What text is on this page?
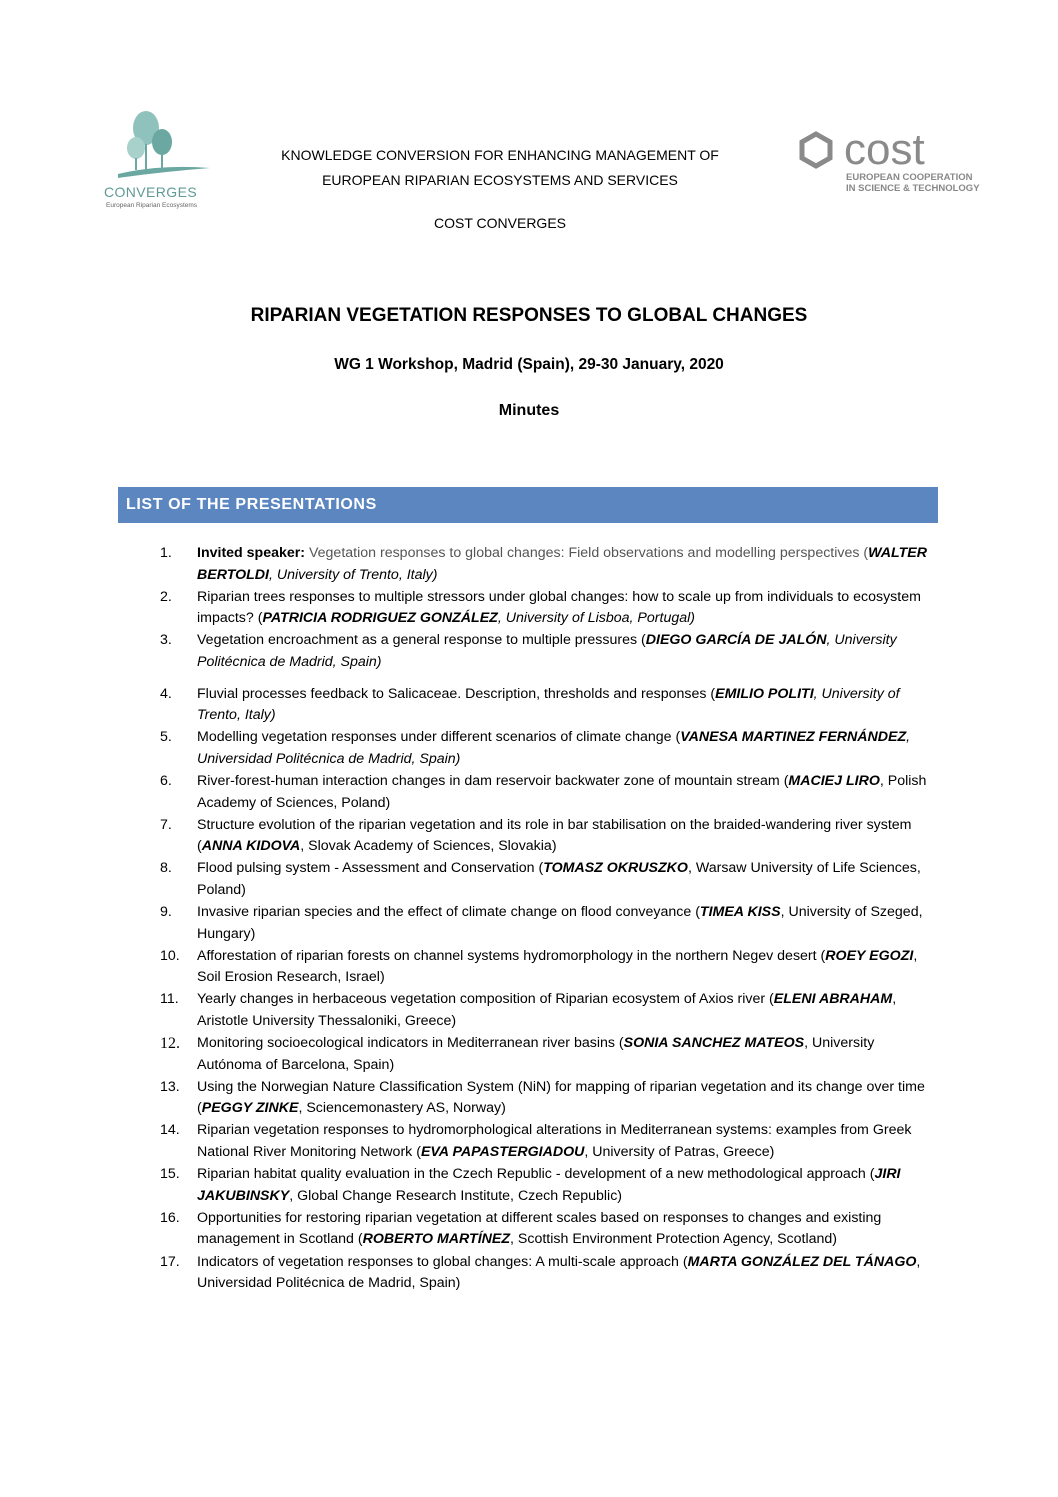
CONVERGES
European Riparian Ecosystems
cost
EUROPEAN COOPERATION
IN SCIENCE & TECHNOLOGY
KNOWLEDGE CONVERSION FOR ENHANCING MANAGEMENT OF
EUROPEAN RIPARIAN ECOSYSTEMS AND SERVICES
COST CONVERGES
RIPARIAN VEGETATION RESPONSES TO GLOBAL CHANGES
WG 1 Workshop, Madrid (Spain), 29-30 January, 2020
Minutes
LIST OF THE PRESENTATIONS
1.	Invited speaker: Vegetation responses to global changes: Field observations and modelling perspectives (WALTER BERTOLDI, University of Trento, Italy)
2.	Riparian trees responses to multiple stressors under global changes: how to scale up from individuals to ecosystem impacts? (PATRICIA RODRIGUEZ GONZÁLEZ, University of Lisboa, Portugal)
3.	Vegetation encroachment as a general response to multiple pressures (DIEGO GARCÍA DE JALÓN, University Politécnica de Madrid, Spain)
4.	Fluvial processes feedback to Salicaceae. Description, thresholds and responses (EMILIO POLITI, University of Trento, Italy)
5.	Modelling vegetation responses under different scenarios of climate change (VANESA MARTINEZ FERNÁNDEZ, Universidad Politécnica de Madrid, Spain)
6.	River-forest-human interaction changes in dam reservoir backwater zone of mountain stream (MACIEJ LIRO, Polish Academy of Sciences, Poland)
7.	Structure evolution of the riparian vegetation and its role in bar stabilisation on the braided-wandering river system (ANNA KIDOVA, Slovak Academy of Sciences, Slovakia)
8.	Flood pulsing system - Assessment and Conservation (TOMASZ OKRUSZKO, Warsaw University of Life Sciences, Poland)
9.	Invasive riparian species and the effect of climate change on flood conveyance (TIMEA KISS, University of Szeged, Hungary)
10.	Afforestation of riparian forests on channel systems hydromorphology in the northern Negev desert (ROEY EGOZI, Soil Erosion Research, Israel)
11.	Yearly changes in herbaceous vegetation composition of Riparian ecosystem of Axios river (ELENI ABRAHAM, Aristotle University Thessaloniki, Greece)
12.	Monitoring socioecological indicators in Mediterranean river basins (SONIA SANCHEZ MATEOS, University Autónoma of Barcelona, Spain)
13.	Using the Norwegian Nature Classification System (NiN) for mapping of riparian vegetation and its change over time (PEGGY ZINKE, Sciencemonastery AS, Norway)
14.	Riparian vegetation responses to hydromorphological alterations in Mediterranean systems: examples from Greek National River Monitoring Network (EVA PAPASTERGIADOU, University of Patras, Greece)
15.	Riparian habitat quality evaluation in the Czech Republic - development of a new methodological approach (JIRI JAKUBINSKY, Global Change Research Institute, Czech Republic)
16.	Opportunities for restoring riparian vegetation at different scales based on responses to changes and existing management in Scotland (ROBERTO MARTÍNEZ, Scottish Environment Protection Agency, Scotland)
17.	Indicators of vegetation responses to global changes: A multi-scale approach (MARTA GONZÁLEZ DEL TÁNAGO, Universidad Politécnica de Madrid, Spain)
